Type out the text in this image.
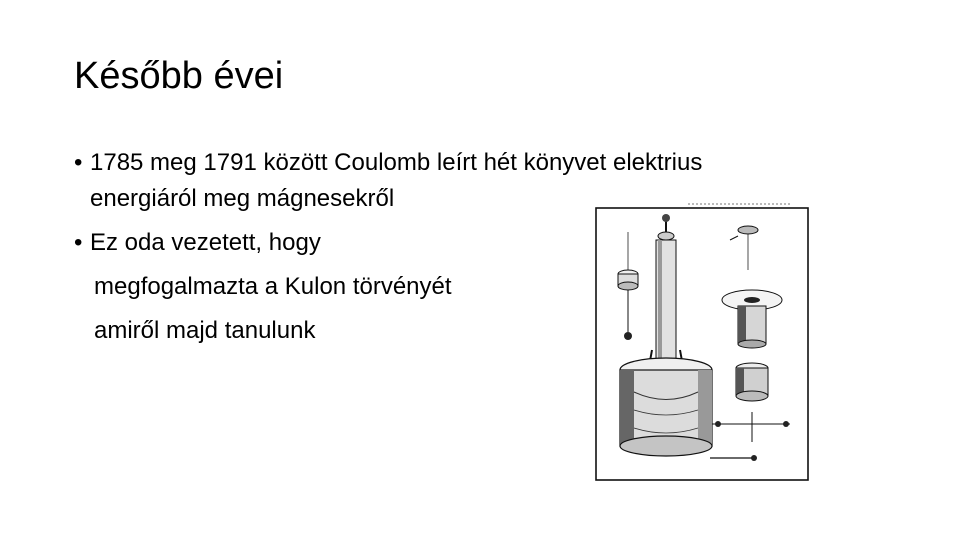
Később évei
• 1785 meg 1791 között Coulomb leírt hét könyvet elektrius
energiáról meg mágnesekről
• Ez oda vezetett, hogy
megfogalmazta a Kulon törvényét
amiről majd tanulunk
